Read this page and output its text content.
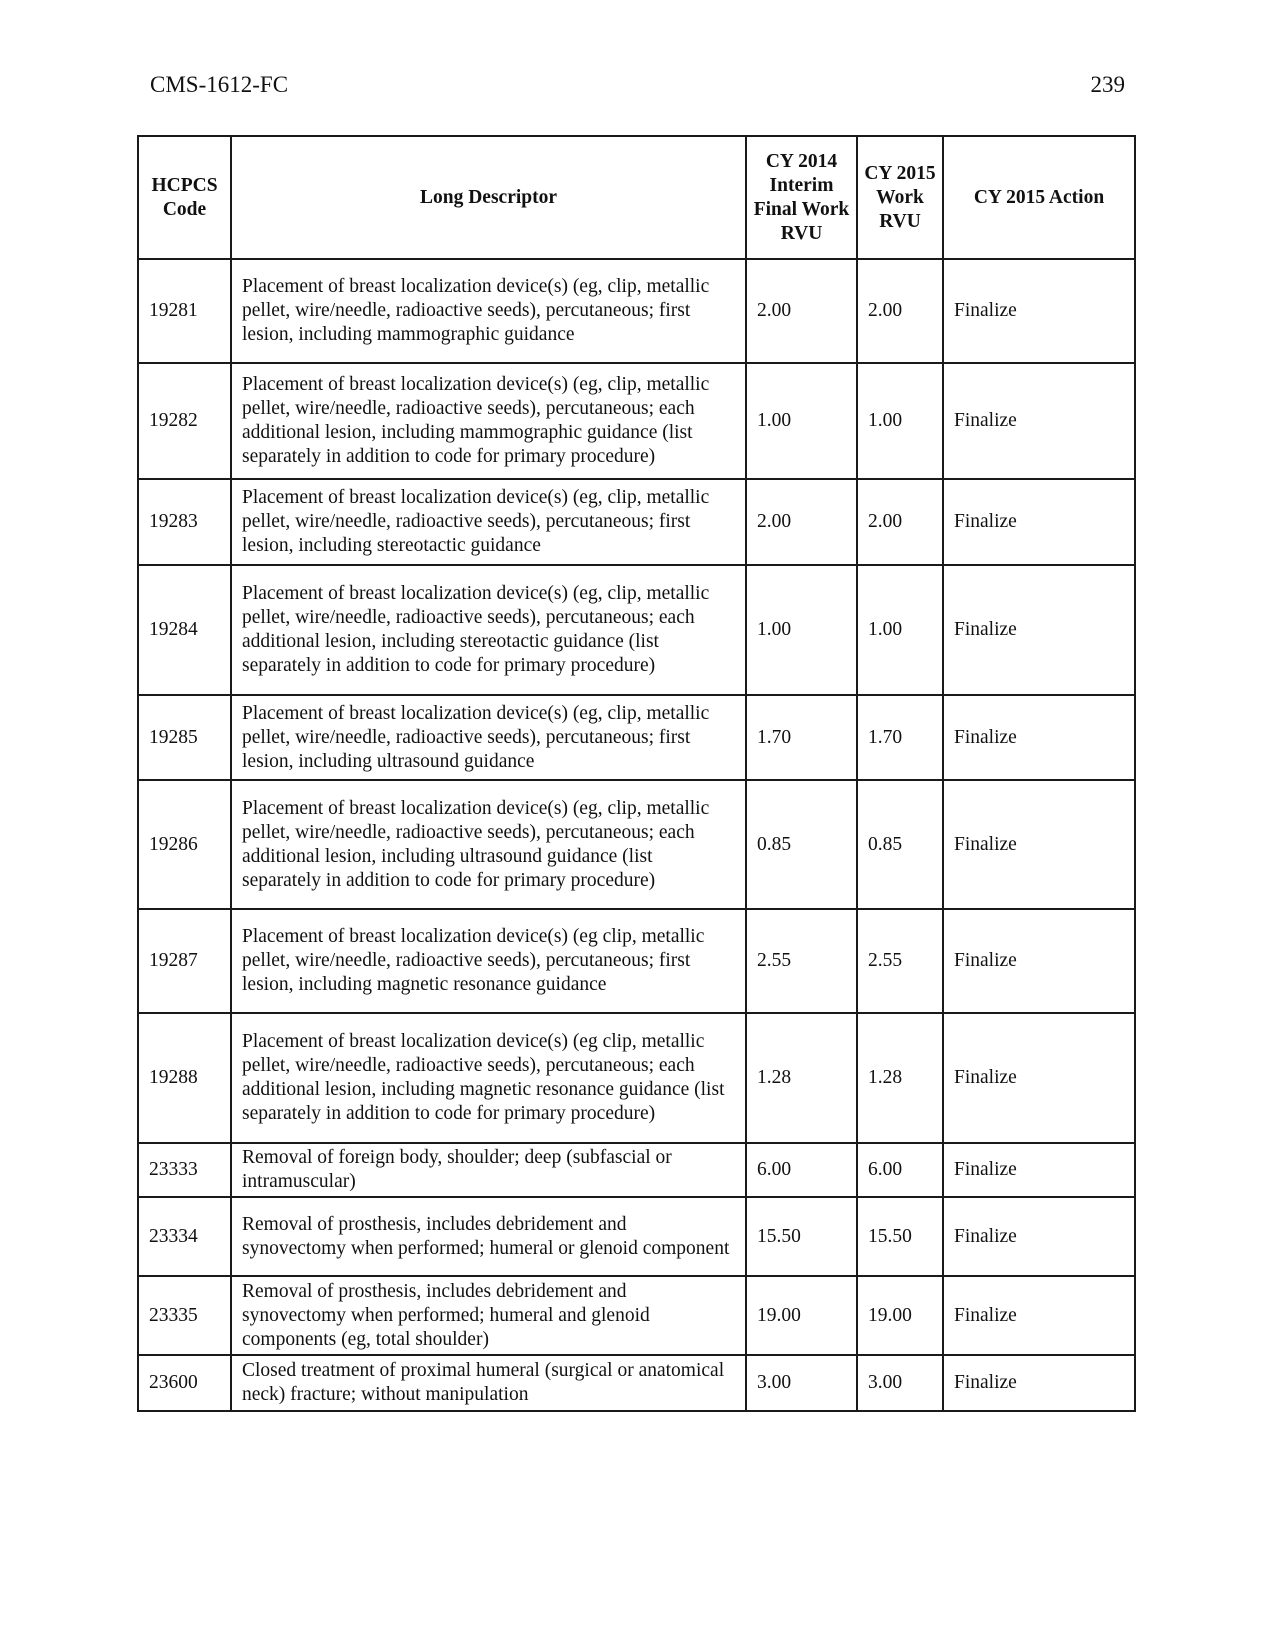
CMS-1612-FC	239
HCPCS Code	Long Descriptor	CY 2014 Interim Final Work RVU	CY 2015 Work RVU	CY 2015 Action
19281	Placement of breast localization device(s) (eg, clip, metallic pellet, wire/needle, radioactive seeds), percutaneous; first lesion, including mammographic guidance	2.00	2.00	Finalize
19282	Placement of breast localization device(s) (eg, clip, metallic pellet, wire/needle, radioactive seeds), percutaneous; each additional lesion, including mammographic guidance (list separately in addition to code for primary procedure)	1.00	1.00	Finalize
19283	Placement of breast localization device(s) (eg, clip, metallic pellet, wire/needle, radioactive seeds), percutaneous; first lesion, including stereotactic guidance	2.00	2.00	Finalize
19284	Placement of breast localization device(s) (eg, clip, metallic pellet, wire/needle, radioactive seeds), percutaneous; each additional lesion, including stereotactic guidance (list separately in addition to code for primary procedure)	1.00	1.00	Finalize
19285	Placement of breast localization device(s) (eg, clip, metallic pellet, wire/needle, radioactive seeds), percutaneous; first lesion, including ultrasound guidance	1.70	1.70	Finalize
19286	Placement of breast localization device(s) (eg, clip, metallic pellet, wire/needle, radioactive seeds), percutaneous; each additional lesion, including ultrasound guidance (list separately in addition to code for primary procedure)	0.85	0.85	Finalize
19287	Placement of breast localization device(s) (eg clip, metallic pellet, wire/needle, radioactive seeds), percutaneous; first lesion, including magnetic resonance guidance	2.55	2.55	Finalize
19288	Placement of breast localization device(s) (eg clip, metallic pellet, wire/needle, radioactive seeds), percutaneous; each additional lesion, including magnetic resonance guidance (list separately in addition to code for primary procedure)	1.28	1.28	Finalize
23333	Removal of foreign body, shoulder; deep (subfascial or intramuscular)	6.00	6.00	Finalize
23334	Removal of prosthesis, includes debridement and synovectomy when performed; humeral or glenoid component	15.50	15.50	Finalize
23335	Removal of prosthesis, includes debridement and synovectomy when performed; humeral and glenoid components (eg, total shoulder)	19.00	19.00	Finalize
23600	Closed treatment of proximal humeral (surgical or anatomical neck) fracture; without manipulation	3.00	3.00	Finalize
